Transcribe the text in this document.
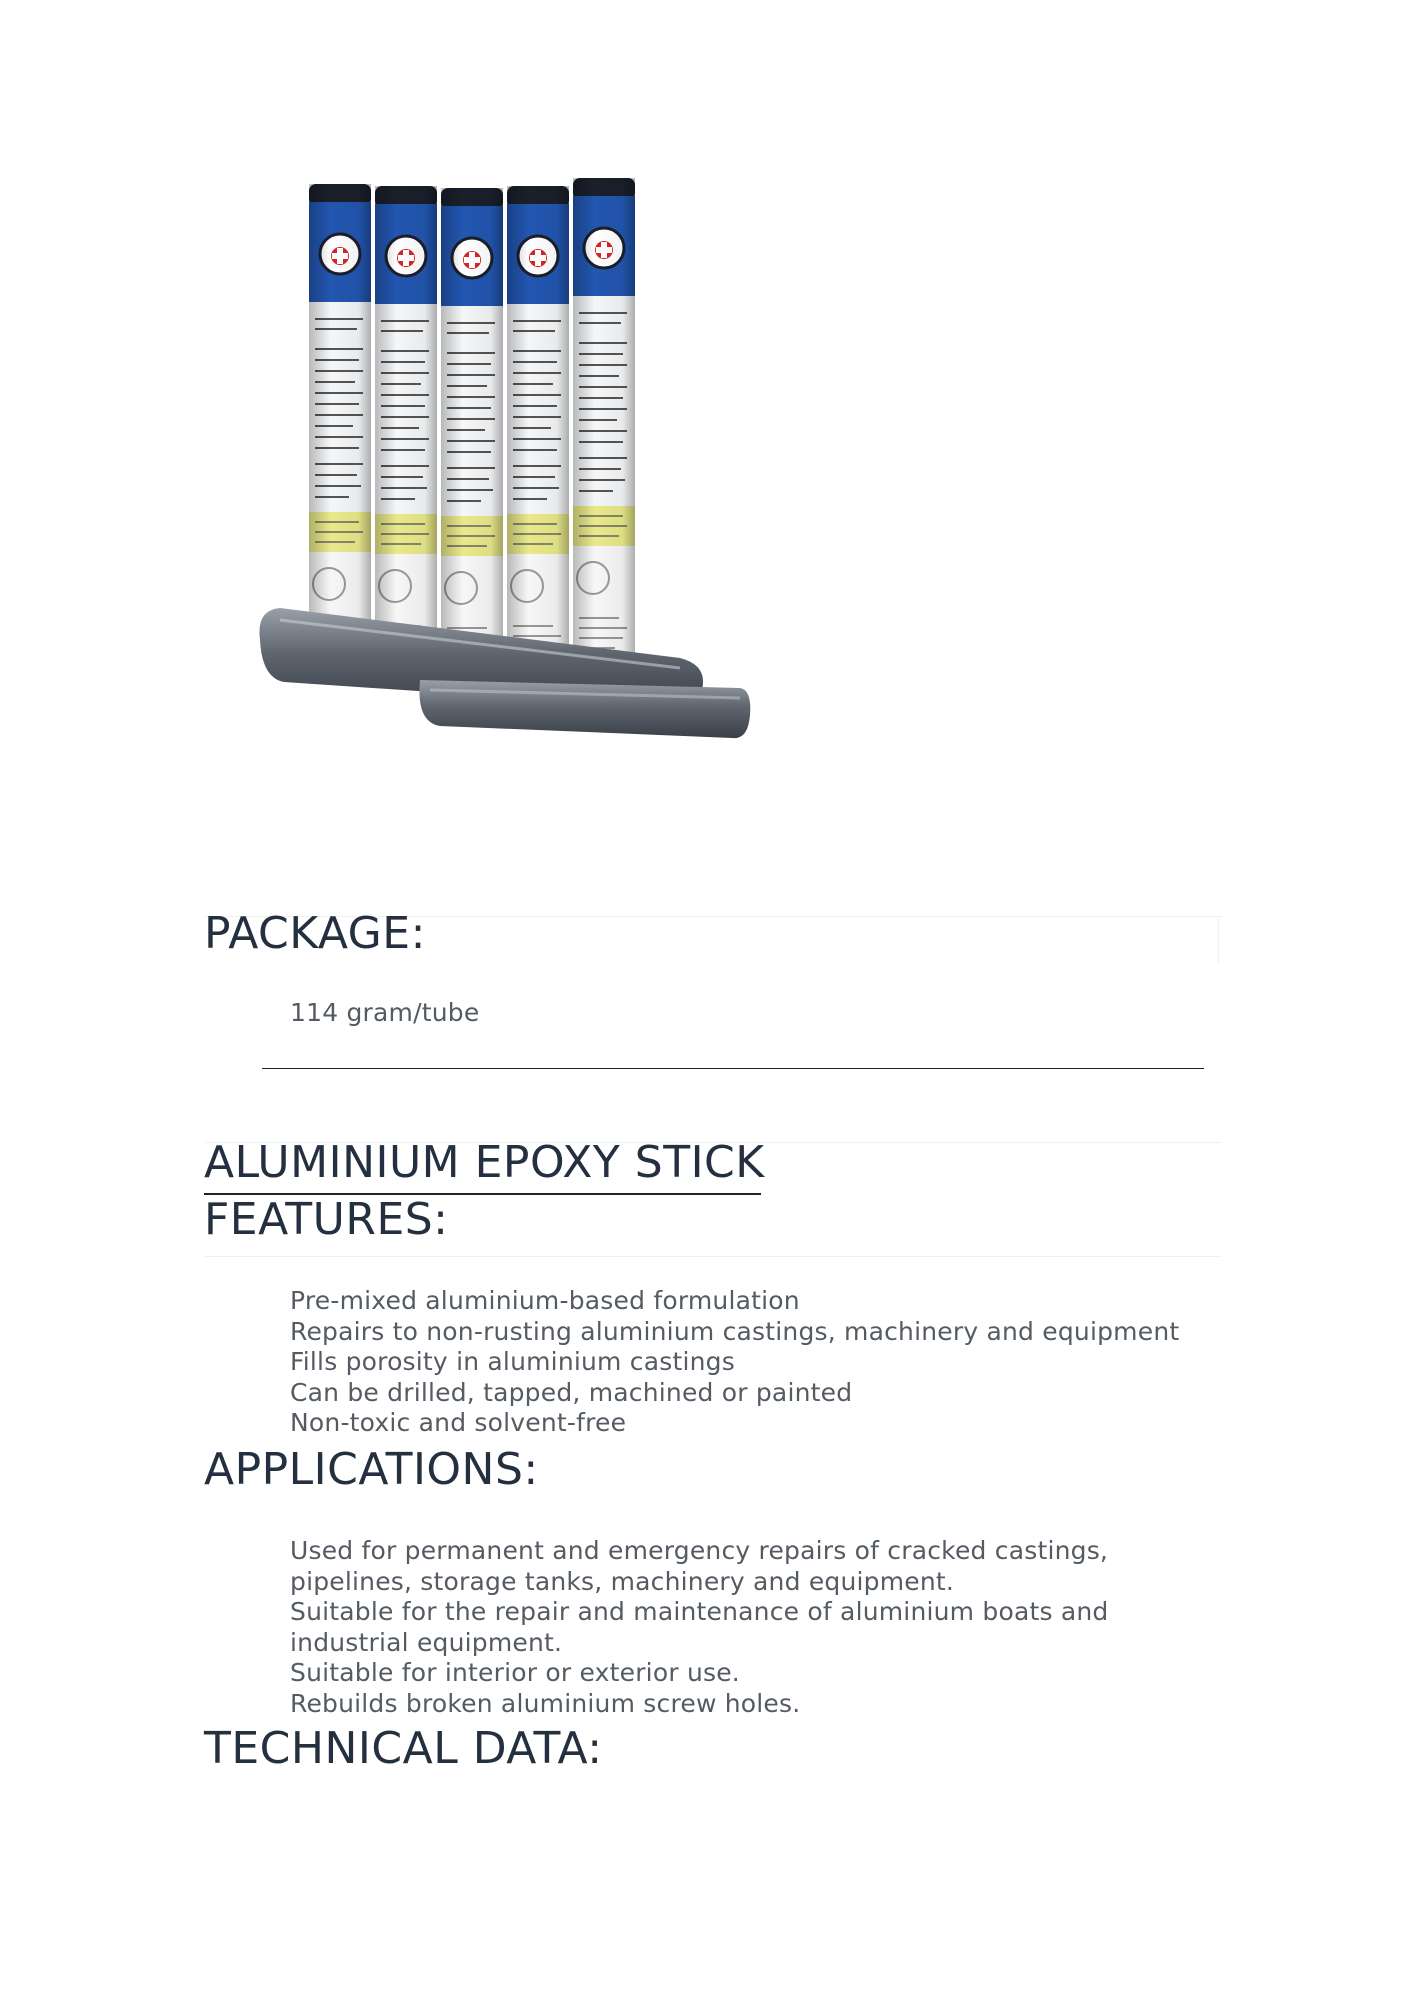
PACKAGE:

114 gram/tube

ALUMINIUM EPOXY STICK
FEATURES:
Pre-mixed aluminium-based formulation
Repairs to non-rusting aluminium castings, machinery and equipment
Fills porosity in aluminium castings
Can be drilled, tapped, machined or painted
Non-toxic and solvent-free
APPLICATIONS:
Used for permanent and emergency repairs of cracked castings,
pipelines, storage tanks, machinery and equipment.
Suitable for the repair and maintenance of aluminium boats and
industrial equipment.
Suitable for interior or exterior use.
Rebuilds broken aluminium screw holes.
TECHNICAL DATA:
